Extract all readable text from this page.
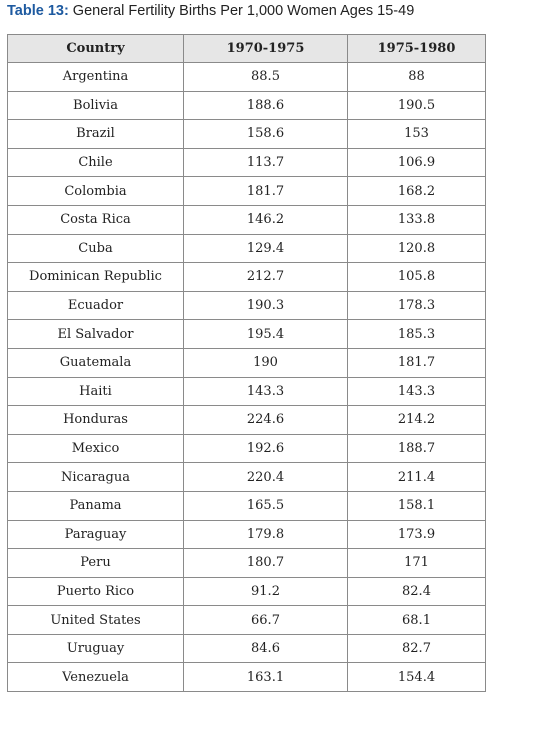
Table 13: General Fertility Births Per 1,000 Women Ages 15-49
Country	1970-1975	1975-1980
Argentina	88.5	88
Bolivia	188.6	190.5
Brazil	158.6	153
Chile	113.7	106.9
Colombia	181.7	168.2
Costa Rica	146.2	133.8
Cuba	129.4	120.8
Dominican Republic	212.7	105.8
Ecuador	190.3	178.3
El Salvador	195.4	185.3
Guatemala	190	181.7
Haiti	143.3	143.3
Honduras	224.6	214.2
Mexico	192.6	188.7
Nicaragua	220.4	211.4
Panama	165.5	158.1
Paraguay	179.8	173.9
Peru	180.7	171
Puerto Rico	91.2	82.4
United States	66.7	68.1
Uruguay	84.6	82.7
Venezuela	163.1	154.4
